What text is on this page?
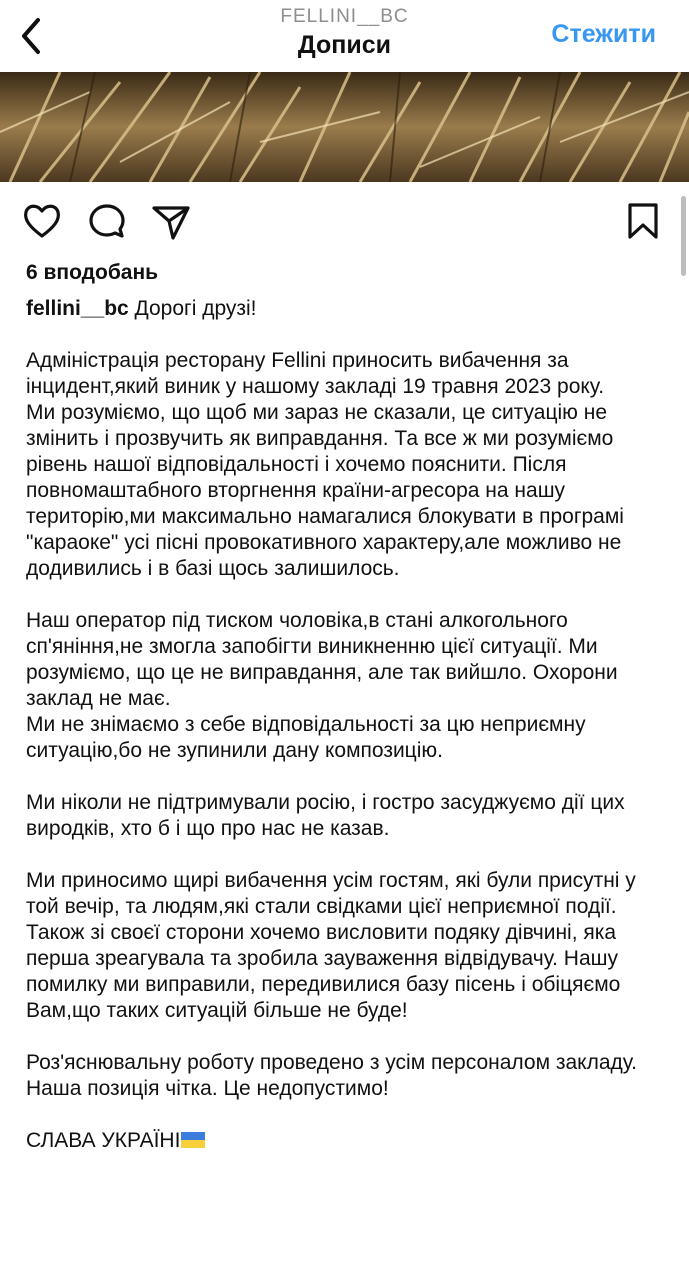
FELLINI__BC
Дописи	Стежити
6 вподобань

fellini__bc Дорогі друзі!

Адміністрація ресторану Fellini приносить вибачення за інцидент,який виник у нашому закладі 19 травня 2023 року.

Ми розуміємо, що щоб ми зараз не сказали, це ситуацію не змінить і прозвучить як виправдання. Та все ж ми розуміємо рівень нашої відповідальності і хочемо пояснити. Після повномаштабного вторгнення країни-агресора на нашу територію,ми максимально намагалися блокувати в програмі "караоке" усі пісні провокативного характеру,але можливо не додивились і в базі щось залишилось.

Наш оператор під тиском чоловіка,в стані алкогольного сп'яніння,не змогла запобігти виникненню цієї ситуації. Ми розуміємо, що це не виправдання, але так вийшло. Охорони заклад не має.

Ми не знімаємо з себе відповідальності за цю неприємну ситуацію,бо не зупинили дану композицію.

Ми ніколи не підтримували росію, і гостро засуджуємо дії цих виродків, хто б і що про нас не казав.

Ми приносимо щирі вибачення усім гостям, які були присутні у той вечір, та людям,які стали свідками цієї неприємної події. Також зі своєї сторони хочемо висловити подяку дівчині, яка перша зреагувала та зробила зауваження відвідувачу. Нашу помилку ми виправили, передивилися базу пісень і обіцяємо Вам,що таких ситуацій більше не буде!

Роз'яснювальну роботу проведено з усім персоналом закладу. Наша позиція чітка. Це недопустимо!

СЛАВА УКРАЇНІ
